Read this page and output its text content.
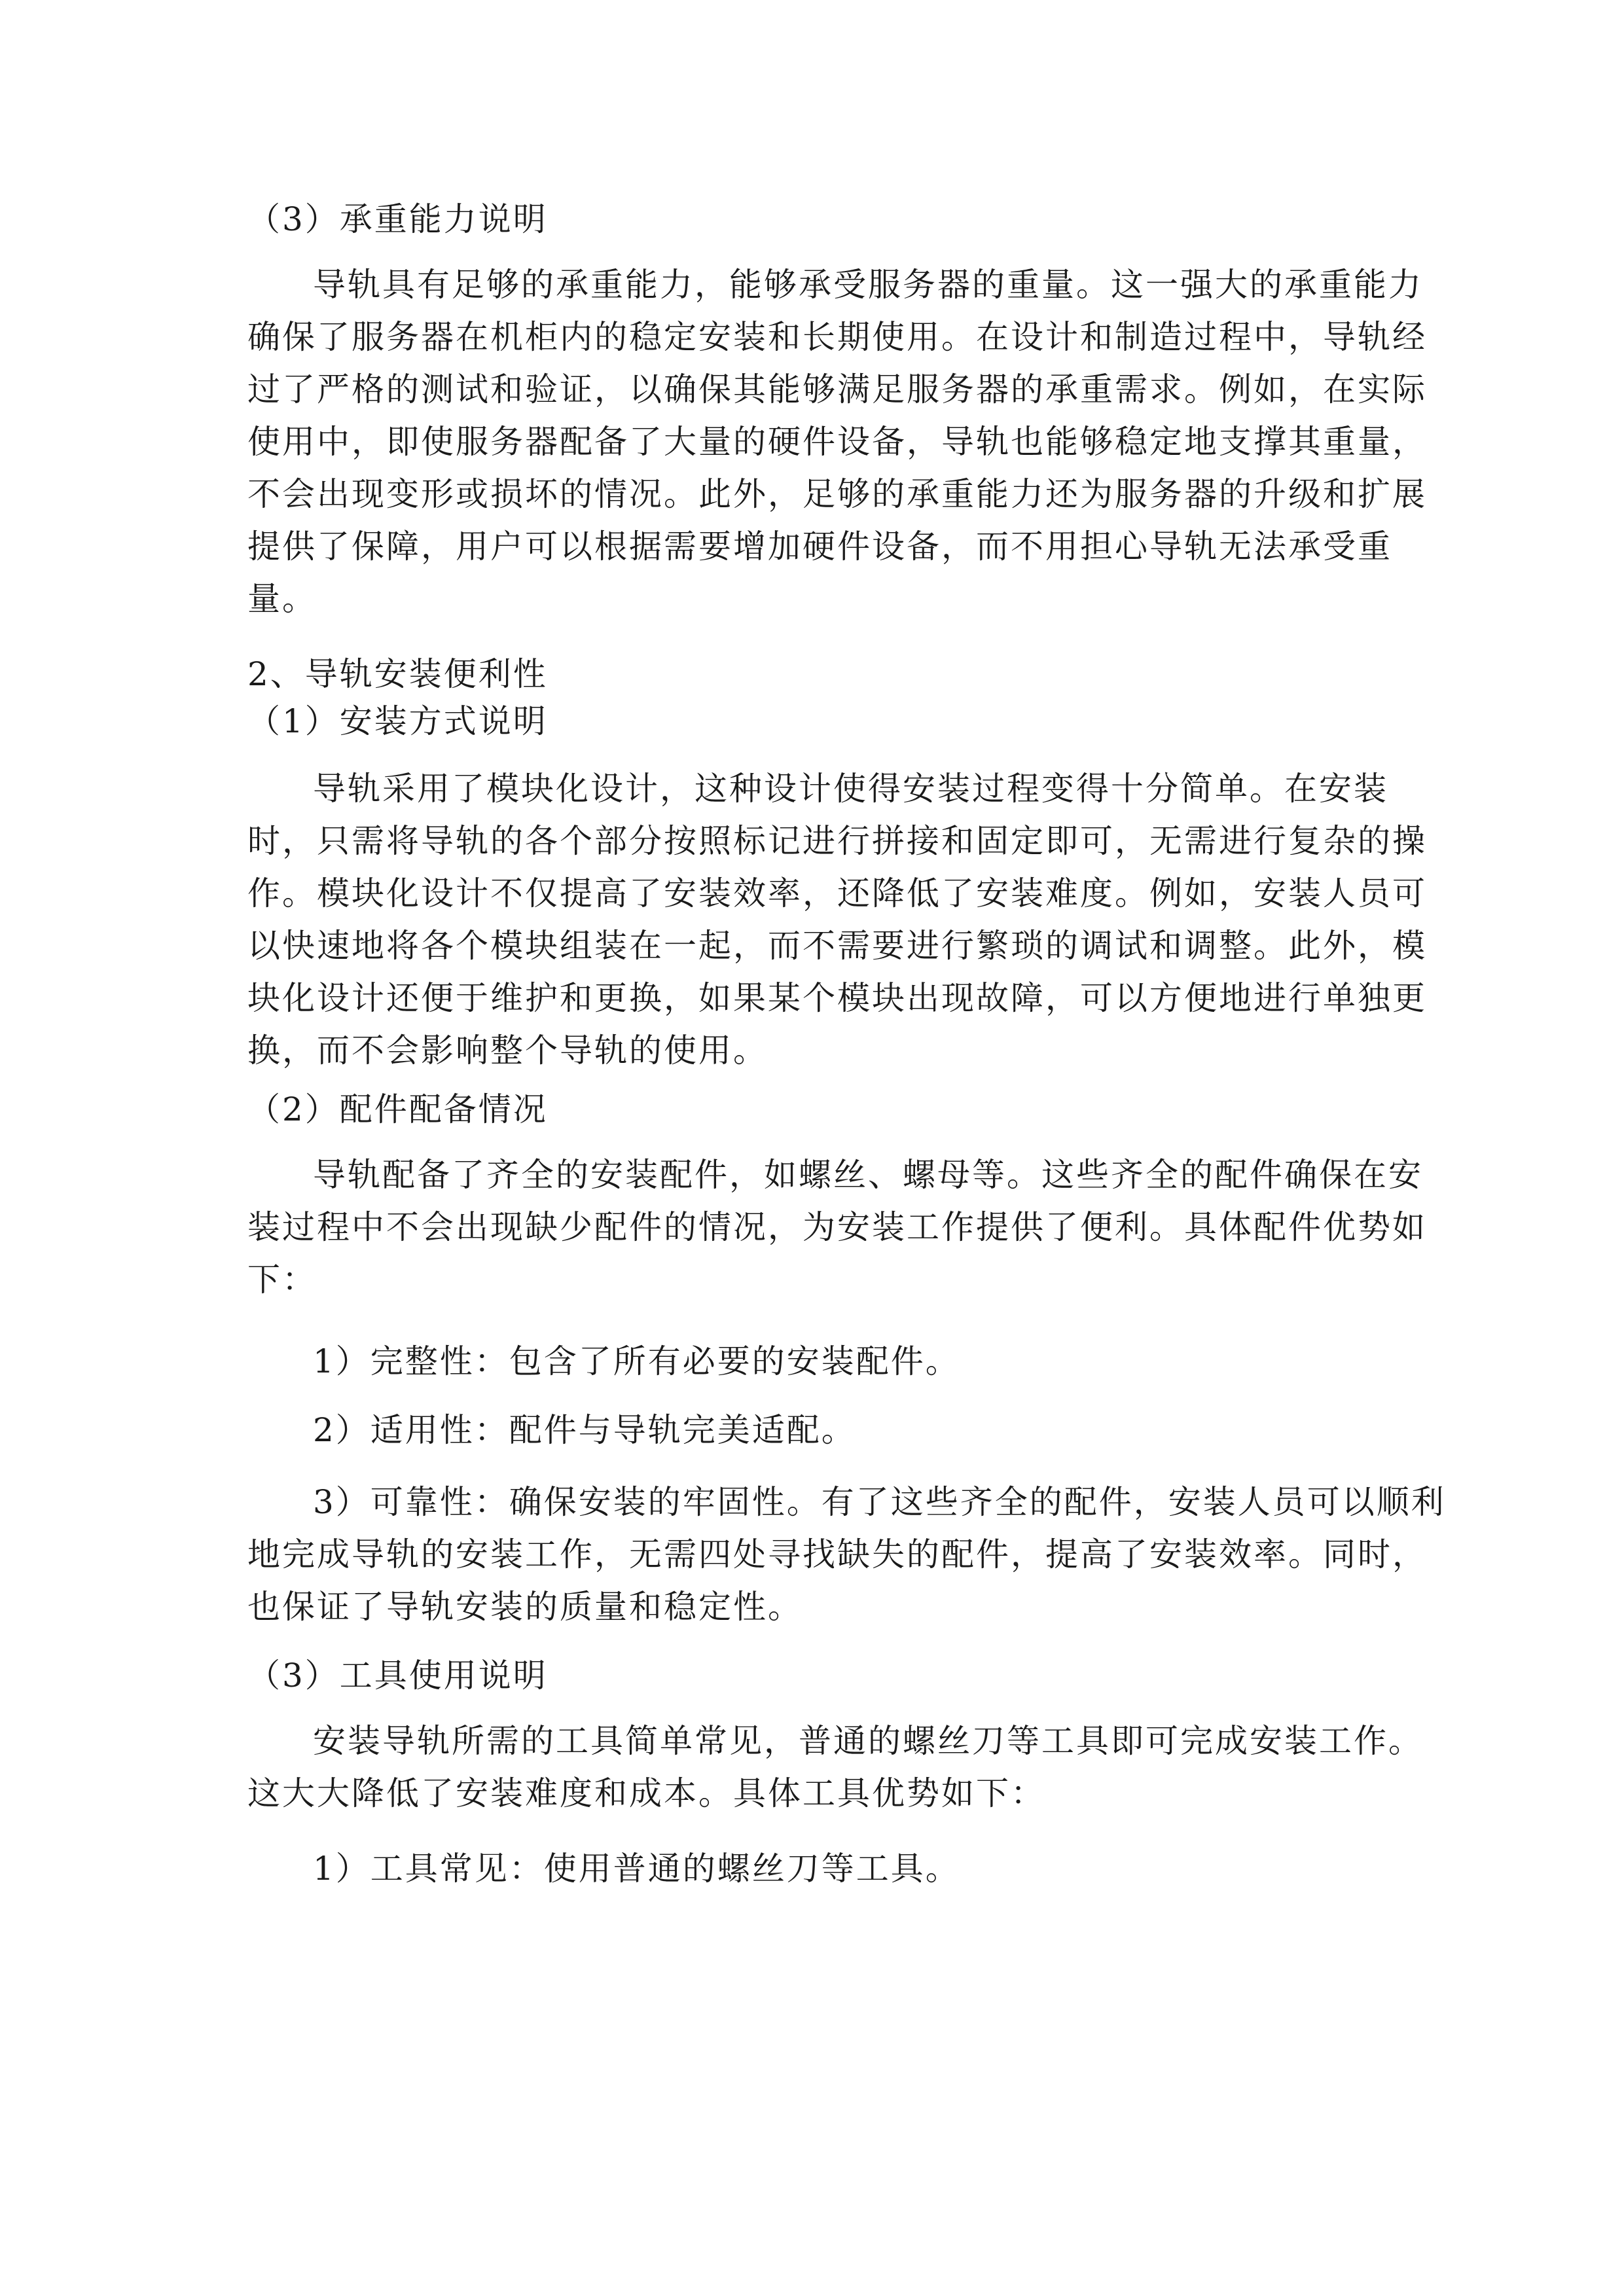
（3）承重能力说明

导轨具有足够的承重能力，能够承受服务器的重量。这一强大的承重能力

确保了服务器在机柜内的稳定安装和长期使用。在设计和制造过程中，导轨经

过了严格的测试和验证，以确保其能够满足服务器的承重需求。例如，在实际

使用中，即使服务器配备了大量的硬件设备，导轨也能够稳定地支撑其重量，

不会出现变形或损坏的情况。此外，足够的承重能力还为服务器的升级和扩展

提供了保障，用户可以根据需要增加硬件设备，而不用担心导轨无法承受重

量。

2、导轨安装便利性

（1）安装方式说明

导轨采用了模块化设计，这种设计使得安装过程变得十分简单。在安装

时，只需将导轨的各个部分按照标记进行拼接和固定即可，无需进行复杂的操

作。模块化设计不仅提高了安装效率，还降低了安装难度。例如，安装人员可

以快速地将各个模块组装在一起，而不需要进行繁琐的调试和调整。此外，模

块化设计还便于维护和更换，如果某个模块出现故障，可以方便地进行单独更

换，而不会影响整个导轨的使用。

（2）配件配备情况

导轨配备了齐全的安装配件，如螺丝、螺母等。这些齐全的配件确保在安

装过程中不会出现缺少配件的情况，为安装工作提供了便利。具体配件优势如

下：

1）完整性：包含了所有必要的安装配件。

2）适用性：配件与导轨完美适配。

3）可靠性：确保安装的牢固性。有了这些齐全的配件，安装人员可以顺利

地完成导轨的安装工作，无需四处寻找缺失的配件，提高了安装效率。同时，

也保证了导轨安装的质量和稳定性。

（3）工具使用说明

安装导轨所需的工具简单常见，普通的螺丝刀等工具即可完成安装工作。

这大大降低了安装难度和成本。具体工具优势如下：

1）工具常见：使用普通的螺丝刀等工具。
